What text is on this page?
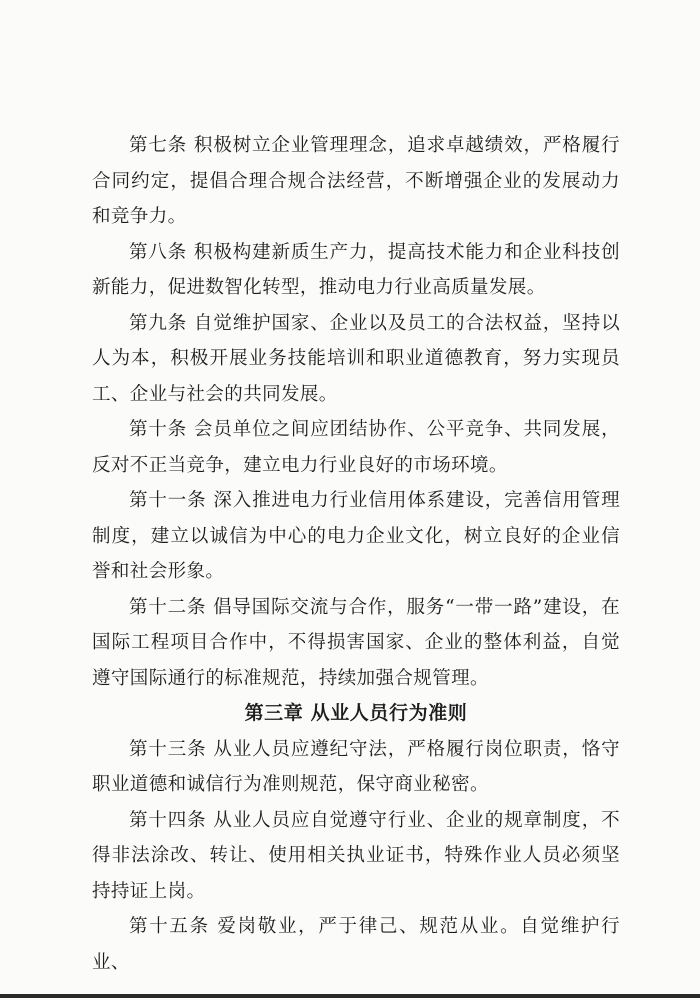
第七条 积极树立企业管理理念，追求卓越绩效，严格履行合同约定，提倡合理合规合法经营，不断增强企业的发展动力和竞争力。

第八条 积极构建新质生产力，提高技术能力和企业科技创新能力，促进数智化转型，推动电力行业高质量发展。

第九条 自觉维护国家、企业以及员工的合法权益，坚持以人为本，积极开展业务技能培训和职业道德教育，努力实现员工、企业与社会的共同发展。

第十条 会员单位之间应团结协作、公平竞争、共同发展，反对不正当竞争，建立电力行业良好的市场环境。

第十一条 深入推进电力行业信用体系建设，完善信用管理制度，建立以诚信为中心的电力企业文化，树立良好的企业信誉和社会形象。

第十二条 倡导国际交流与合作，服务“一带一路”建设，在国际工程项目合作中，不得损害国家、企业的整体利益，自觉遵守国际通行的标准规范，持续加强合规管理。

第三章 从业人员行为准则

第十三条 从业人员应遵纪守法，严格履行岗位职责，恪守职业道德和诚信行为准则规范，保守商业秘密。

第十四条 从业人员应自觉遵守行业、企业的规章制度，不得非法涂改、转让、使用相关执业证书，特殊作业人员必须坚持持证上岗。

第十五条 爱岗敬业，严于律己、规范从业。自觉维护行业、
